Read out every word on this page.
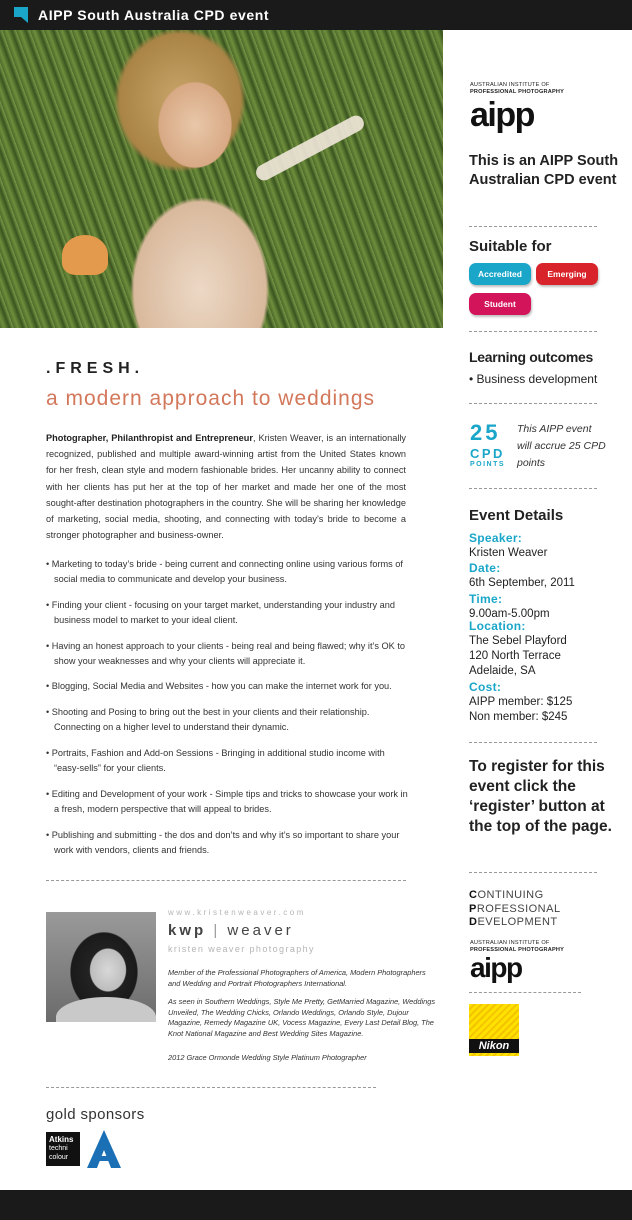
AIPP South Australia CPD event
.FRESH.
a modern approach to weddings
Photographer, Philanthropist and Entrepreneur, Kristen Weaver, is an internationally recognized, published and multiple award-winning artist from the United States known for her fresh, clean style and modern fashionable brides. Her uncanny ability to connect with her clients has put her at the top of her market and made her one of the most sought-after destination photographers in the country. She will be sharing her knowledge of marketing, social media, shooting, and connecting with today’s bride to become a stronger photographer and business-owner.
• Marketing to today’s bride - being current and connecting online using various forms of social media to communicate and develop your business.
• Finding your client - focusing on your target market, understanding your industry and business model to market to your ideal client.
• Having an honest approach to your clients - being real and being flawed; why it’s OK to show your weaknesses and why your clients will appreciate it.
• Blogging, Social Media and Websites - how you can make the internet work for you.
• Shooting and Posing to bring out the best in your clients and their relationship. Connecting on a higher level to understand their dynamic.
• Portraits, Fashion and Add-on Sessions - Bringing in additional studio income with “easy-sells” for your clients.
• Editing and Development of your work - Simple tips and tricks to showcase your work in a fresh, modern perspective that will appeal to brides.
• Publishing and submitting - the dos and don’ts and why it’s so important to share your work with vendors, clients and friends.
www.kristenweaver.com
kwp | weaver
kristen weaver photography
Member of the Professional Photographers of America, Modern Photographers and Wedding and Portrait Photographers International.
As seen in Southern Weddings, Style Me Pretty, GetMarried Magazine, Weddings Unveiled, The Wedding Chicks, Orlando Weddings, Orlando Style, Dujour Magazine, Remedy Magazine UK, Vocess Magazine, Every Last Detail Blog, The Knot National Magazine and Best Wedding Sites Magazine.
2012 Grace Ormonde Wedding Style Platinum Photographer
gold sponsors
Atkins
techni
colour
AUSTRALIAN INSTITUTE OF
PROFESSIONAL PHOTOGRAPHY
aipp
This is an AIPP South Australian CPD event
Suitable for
Accredited	Emerging
Student
Learning outcomes
• Business development
25
CPD
POINTS
This AIPP event will accrue 25 CPD points
Event Details
Speaker:
Kristen Weaver
Date:
6th September, 2011
Time:
9.00am-5.00pm
Location:
The Sebel Playford
120 North Terrace
Adelaide, SA
Cost:
AIPP member: $125
Non member: $245
To register for this event click the ‘register’ button at the top of the page.
CONTINUING
PROFESSIONAL
DEVELOPMENT
AUSTRALIAN INSTITUTE OF
PROFESSIONAL PHOTOGRAPHY
aipp
Nikon
